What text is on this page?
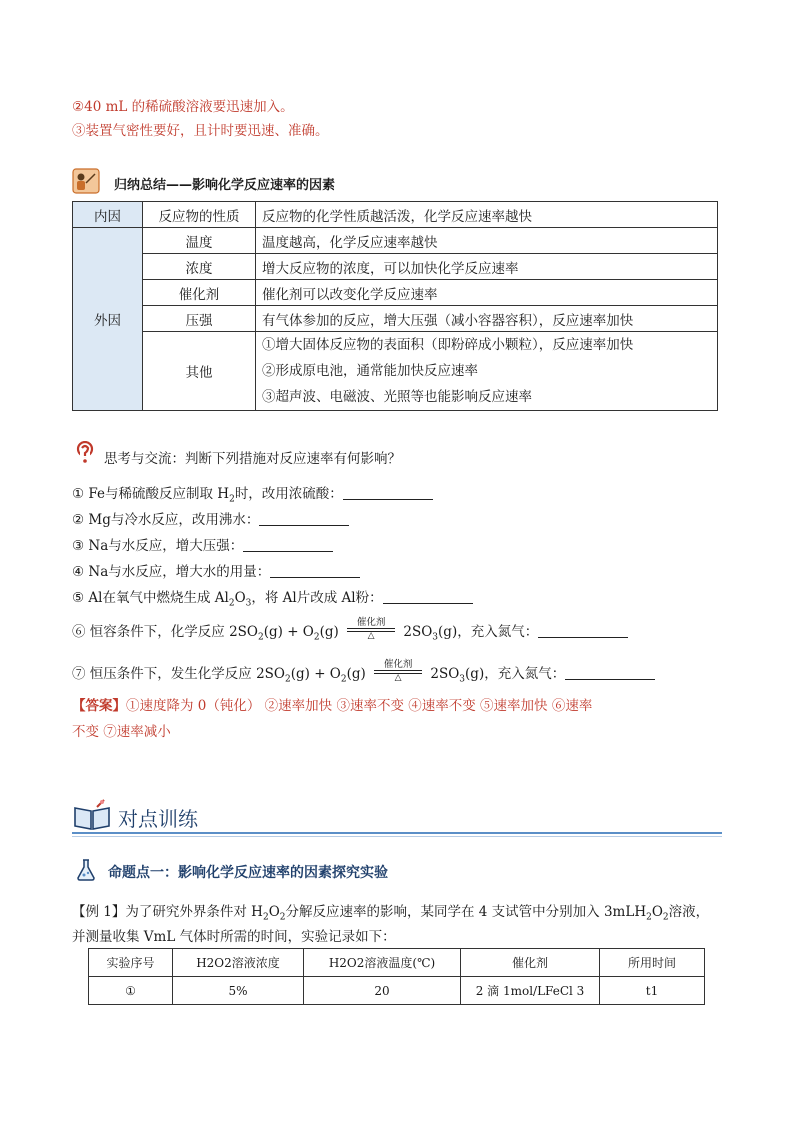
②40 mL 的稀硫酸溶液要迅速加入。
③装置气密性要好，且计时要迅速、准确。
归纳总结——影响化学反应速率的因素
内因	反应物的性质	反应物的化学性质越活泼，化学反应速率越快
外因	温度	温度越高，化学反应速率越快
	浓度	增大反应物的浓度，可以加快化学反应速率
	催化剂	催化剂可以改变化学反应速率
	压强	有气体参加的反应，增大压强（减小容器容积），反应速率加快
	其他	①增大固体反应物的表面积（即粉碎成小颗粒），反应速率加快
②形成原电池，通常能加快反应速率
③超声波、电磁波、光照等也能影响反应速率
思考与交流：判断下列措施对反应速率有何影响？
① Fe与稀硫酸反应制取 $H_2$时，改用浓硫酸：
② Mg与冷水反应，改用沸水：
③ Na与水反应，增大压强：
④ Na与水反应，增大水的用量：
⑤ Al在氧气中燃烧生成 $Al_2O_3$，将 Al片改成 Al粉：
⑥ 恒容条件下，化学反应 $2SO_2(g) + O_2(g)$
催化剂
△	$2SO_3(g)$，充入氮气：
⑦ 恒压条件下，发生化学反应 $2SO_2(g) + O_2(g)$
催化剂
△	$2SO_3(g)$，充入氮气：
【答案】①速度降为 0（钝化） ②速率加快 ③速率不变 ④速率不变 ⑤速率加快 ⑥速率
不变 ⑦速率减小
对点训练
命题点一：影响化学反应速率的因素探究实验
【例 1】为了研究外界条件对 $H_2O_2$分解反应速率的影响，某同学在 4 支试管中分别加入 $3mLH_2O_2$溶液，
并测量收集 VmL 气体时所需的时间，实验记录如下：
实验序号	H2O2溶液浓度	H2O2溶液温度(℃)	催化剂	所用时间
①	5%	20	2 滴 1mol/LFeCl 3	t1
